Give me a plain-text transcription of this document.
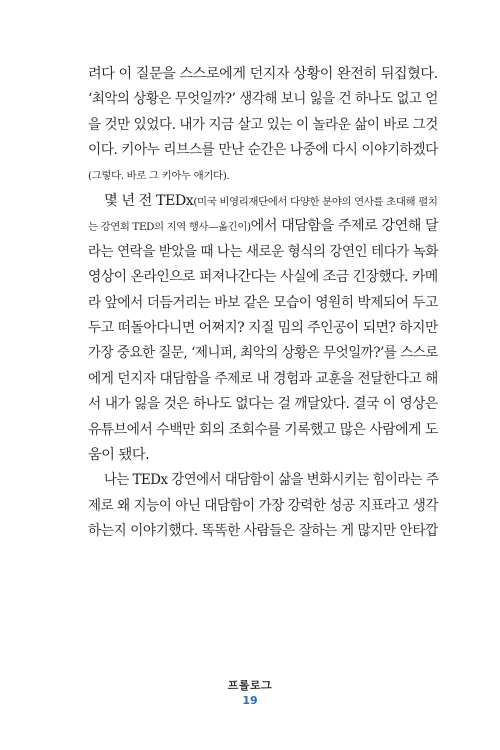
려다 이 질문을 스스로에게 던지자 상황이 완전히 뒤집혔다.
‘최악의 상황은 무엇일까?’ 생각해 보니 잃을 건 하나도 없고 얻
을 것만 있었다. 내가 지금 살고 있는 이 놀라운 삶이 바로 그것
이다. 키아누 리브스를 만난 순간은 나중에 다시 이야기하겠다
(그렇다. 바로 그 키아누 애기다).
몇 년 전 TEDx(미국 비영리재단에서 다양한 분야의 연사를 초대해 펼치
는 강연회 TED의 지역 행사—옮긴이)에서 대담함을 주제로 강연해 달
라는 연락을 받았을 때 나는 새로운 형식의 강연인 테다가 녹화
영상이 온라인으로 퍼져나간다는 사실에 조금 긴장했다. 카메
라 앞에서 더듬거리는 바보 같은 모습이 영원히 박제되어 두고
두고 떠돌아다니면 어쩌지? 지질 밈의 주인공이 되면? 하지만
가장 중요한 질문, ‘제니퍼, 최악의 상황은 무엇일까?’를 스스로
에게 던지자 대담함을 주제로 내 경험과 교훈을 전달한다고 해
서 내가 잃을 것은 하나도 없다는 걸 깨달았다. 결국 이 영상은
유튜브에서 수백만 회의 조회수를 기록했고 많은 사람에게 도
움이 됐다.
나는 TEDx 강연에서 대담함이 삶을 변화시키는 힘이라는 주
제로 왜 지능이 아닌 대담함이 가장 강력한 성공 지표라고 생각
하는지 이야기했다. 똑똑한 사람들은 잘하는 게 많지만 안타깝
프롤로그
19
